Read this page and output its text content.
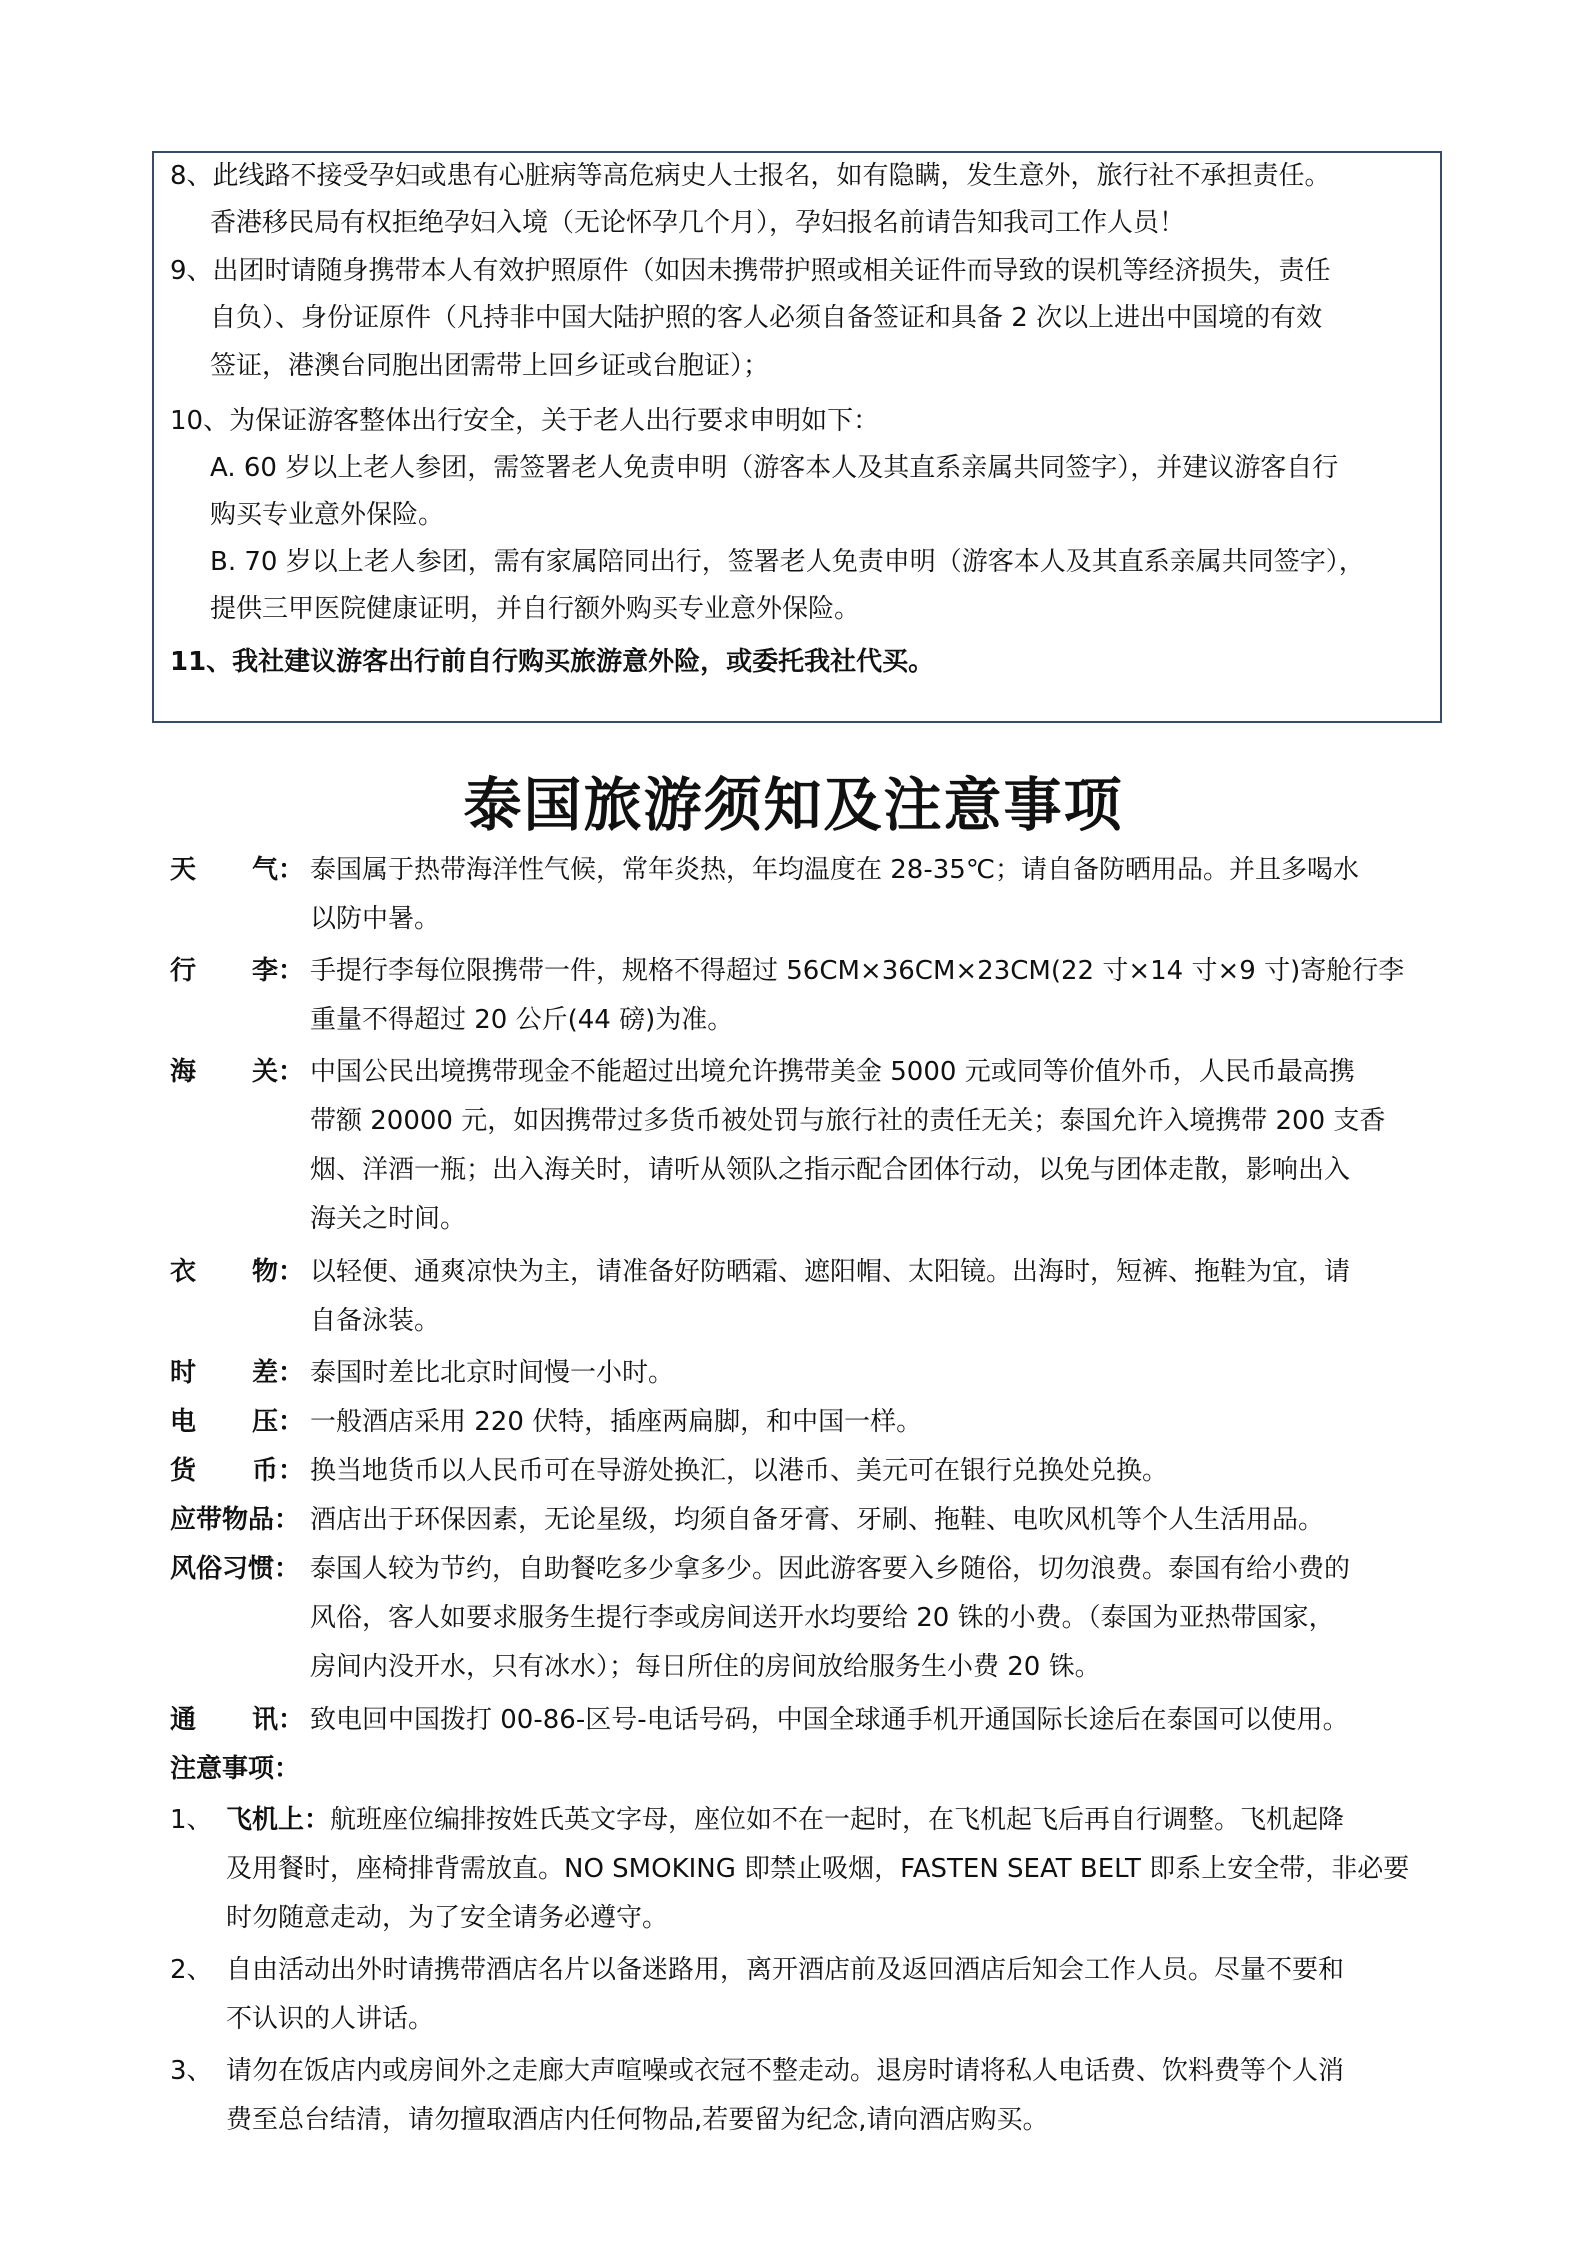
8、此线路不接受孕妇或患有心脏病等高危病史人士报名，如有隐瞒，发生意外，旅行社不承担责任。
香港移民局有权拒绝孕妇入境（无论怀孕几个月），孕妇报名前请告知我司工作人员！
9、出团时请随身携带本人有效护照原件（如因未携带护照或相关证件而导致的误机等经济损失，责任
自负）、身份证原件（凡持非中国大陆护照的客人必须自备签证和具备 2 次以上进出中国境的有效
签证，港澳台同胞出团需带上回乡证或台胞证）；
10、为保证游客整体出行安全，关于老人出行要求申明如下：
A. 60 岁以上老人参团，需签署老人免责申明（游客本人及其直系亲属共同签字），并建议游客自行
购买专业意外保险。
B. 70 岁以上老人参团，需有家属陪同出行，签署老人免责申明（游客本人及其直系亲属共同签字），
提供三甲医院健康证明，并自行额外购买专业意外保险。
11、我社建议游客出行前自行购买旅游意外险，或委托我社代买。
泰国旅游须知及注意事项
天 气： 泰国属于热带海洋性气候，常年炎热，年均温度在 28-35℃；请自备防晒用品。并且多喝水
以防中暑。
行 李： 手提行李每位限携带一件，规格不得超过 56CM×36CM×23CM(22 寸×14 寸×9 寸)寄舱行李
重量不得超过 20 公斤(44 磅)为准。
海 关： 中国公民出境携带现金不能超过出境允许携带美金 5000 元或同等价值外币，人民币最高携
带额 20000 元，如因携带过多货币被处罚与旅行社的责任无关；泰国允许入境携带 200 支香
烟、洋酒一瓶；出入海关时，请听从领队之指示配合团体行动，以免与团体走散，影响出入
海关之时间。
衣 物： 以轻便、通爽凉快为主，请准备好防晒霜、遮阳帽、太阳镜。出海时，短裤、拖鞋为宜，请
自备泳装。
时 差： 泰国时差比北京时间慢一小时。
电 压： 一般酒店采用 220 伏特，插座两扁脚，和中国一样。
货 币： 换当地货币以人民币可在导游处换汇，以港币、美元可在银行兑换处兑换。
应带物品： 酒店出于环保因素，无论星级，均须自备牙膏、牙刷、拖鞋、电吹风机等个人生活用品。
风俗习惯： 泰国人较为节约，自助餐吃多少拿多少。因此游客要入乡随俗，切勿浪费。泰国有给小费的
风俗，客人如要求服务生提行李或房间送开水均要给 20 铢的小费。（泰国为亚热带国家，
房间内没开水，只有冰水）；每日所住的房间放给服务生小费 20 铢。
通 讯： 致电回中国拨打 00-86-区号-电话号码，中国全球通手机开通国际长途后在泰国可以使用。
注意事项：
1、 飞机上：航班座位编排按姓氏英文字母，座位如不在一起时，在飞机起飞后再自行调整。飞机起降
及用餐时，座椅排背需放直。NO SMOKING 即禁止吸烟，FASTEN SEAT BELT 即系上安全带，非必要
时勿随意走动，为了安全请务必遵守。
2、 自由活动出外时请携带酒店名片以备迷路用，离开酒店前及返回酒店后知会工作人员。尽量不要和
不认识的人讲话。
3、 请勿在饭店内或房间外之走廊大声喧噪或衣冠不整走动。退房时请将私人电话费、饮料费等个人消
费至总台结清，请勿擅取酒店内任何物品,若要留为纪念,请向酒店购买。
